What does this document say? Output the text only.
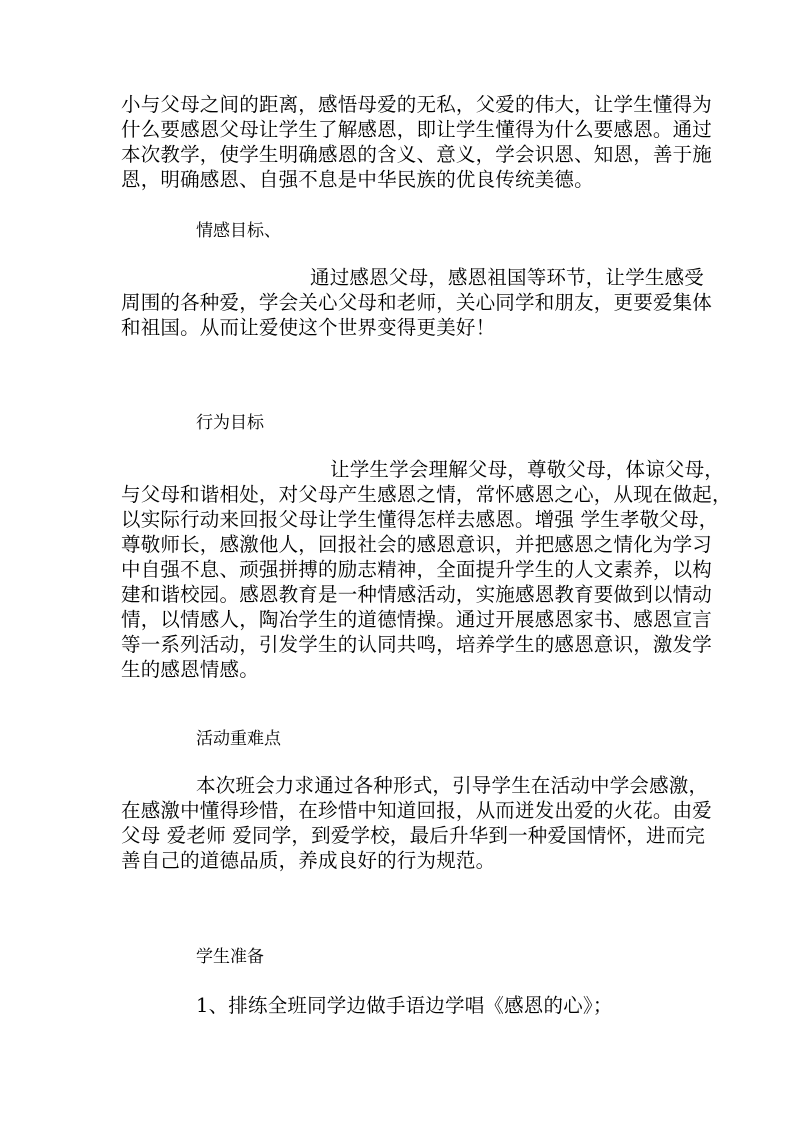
小与父母之间的距离，感悟母爱的无私，父爱的伟大，让学生懂得为
什么要感恩父母让学生了解感恩，即让学生懂得为什么要感恩。通过
本次教学，使学生明确感恩的含义、意义，学会识恩、知恩，善于施
恩，明确感恩、自强不息是中华民族的优良传统美德。
情感目标、
通过感恩父母，感恩祖国等环节，让学生感受
周围的各种爱，学会关心父母和老师，关心同学和朋友，更要爱集体
和祖国。从而让爱使这个世界变得更美好！
行为目标
让学生学会理解父母，尊敬父母，体谅父母，
与父母和谐相处，对父母产生感恩之情，常怀感恩之心，从现在做起，
以实际行动来回报父母让学生懂得怎样去感恩。增强 学生孝敬父母，
尊敬师长，感激他人，回报社会的感恩意识，并把感恩之情化为学习
中自强不息、顽强拼搏的励志精神，全面提升学生的人文素养，以构
建和谐校园。感恩教育是一种情感活动，实施感恩教育要做到以情动
情，以情感人，陶冶学生的道德情操。通过开展感恩家书、感恩宣言
等一系列活动，引发学生的认同共鸣，培养学生的感恩意识，激发学
生的感恩情感。
活动重难点
本次班会力求通过各种形式，引导学生在活动中学会感激，
在感激中懂得珍惜，在珍惜中知道回报，从而迸发出爱的火花。由爱
父母 爱老师 爱同学，到爱学校，最后升华到一种爱国情怀，进而完
善自己的道德品质，养成良好的行为规范。
学生准备
1、排练全班同学边做手语边学唱《感恩的心》；
